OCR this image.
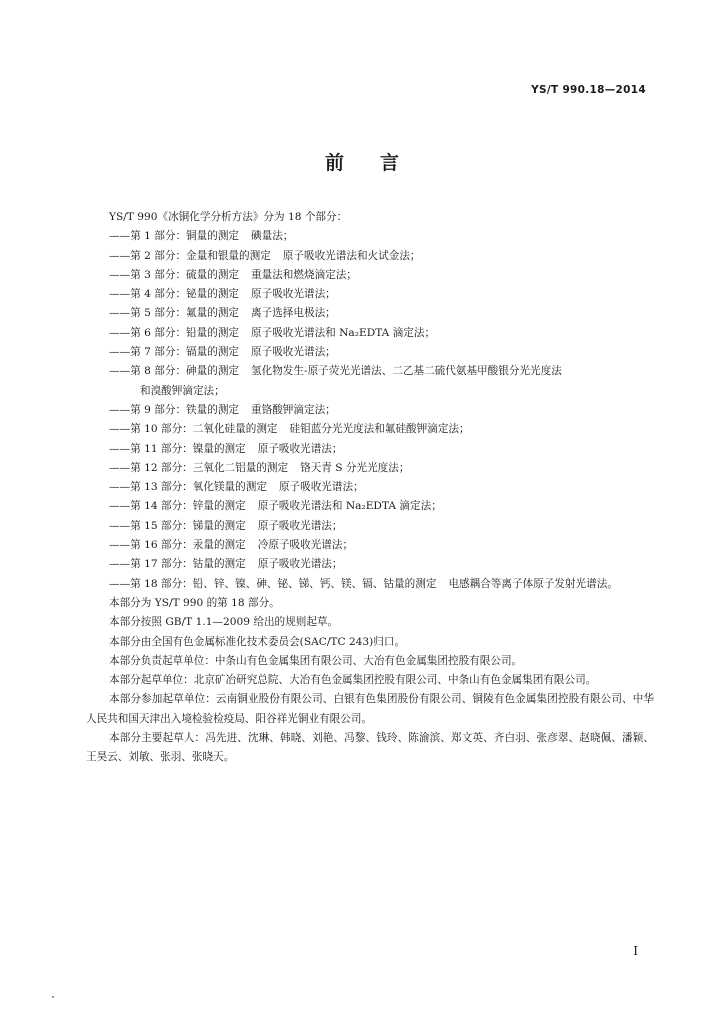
YS/T 990.18—2014
前言
YS/T 990《冰铜化学分析方法》分为 18 个部分：
——第 1 部分：铜量的测定 碘量法；
——第 2 部分：金量和银量的测定 原子吸收光谱法和火试金法；
——第 3 部分：硫量的测定 重量法和燃烧滴定法；
——第 4 部分：铋量的测定 原子吸收光谱法；
——第 5 部分：氟量的测定 离子选择电极法；
——第 6 部分：铅量的测定 原子吸收光谱法和 Na₂EDTA 滴定法；
——第 7 部分：镉量的测定 原子吸收光谱法；
——第 8 部分：砷量的测定 氢化物发生-原子荧光光谱法、二乙基二硫代氨基甲酸银分光光度法
和溴酸钾滴定法；
——第 9 部分：铁量的测定 重铬酸钾滴定法；
——第 10 部分：二氧化硅量的测定 硅钼蓝分光光度法和氟硅酸钾滴定法；
——第 11 部分：镍量的测定 原子吸收光谱法；
——第 12 部分：三氧化二铝量的测定 铬天青 S 分光光度法；
——第 13 部分：氧化镁量的测定 原子吸收光谱法；
——第 14 部分：锌量的测定 原子吸收光谱法和 Na₂EDTA 滴定法；
——第 15 部分：锑量的测定 原子吸收光谱法；
——第 16 部分：汞量的测定 冷原子吸收光谱法；
——第 17 部分：钴量的测定 原子吸收光谱法；
——第 18 部分：铅、锌、镍、砷、铋、锑、钙、镁、镉、钴量的测定 电感耦合等离子体原子发射光谱法。
本部分为 YS/T 990 的第 18 部分。
本部分按照 GB/T 1.1—2009 给出的规则起草。
本部分由全国有色金属标准化技术委员会(SAC/TC 243)归口。
本部分负责起草单位：中条山有色金属集团有限公司、大冶有色金属集团控股有限公司。
本部分起草单位：北京矿冶研究总院、大冶有色金属集团控股有限公司、中条山有色金属集团有限公司。
本部分参加起草单位：云南铜业股份有限公司、白银有色集团股份有限公司、铜陵有色金属集团控股有限公司、中华人民共和国天津出入境检验检疫局、阳谷祥光铜业有限公司。
本部分主要起草人：冯先进、沈琳、韩晓、刘艳、冯黎、钱玲、陈渝滨、郑文英、齐白羽、张彦翠、赵晓佩、潘颖、王昊云、刘敏、张羽、张晓天。
I
